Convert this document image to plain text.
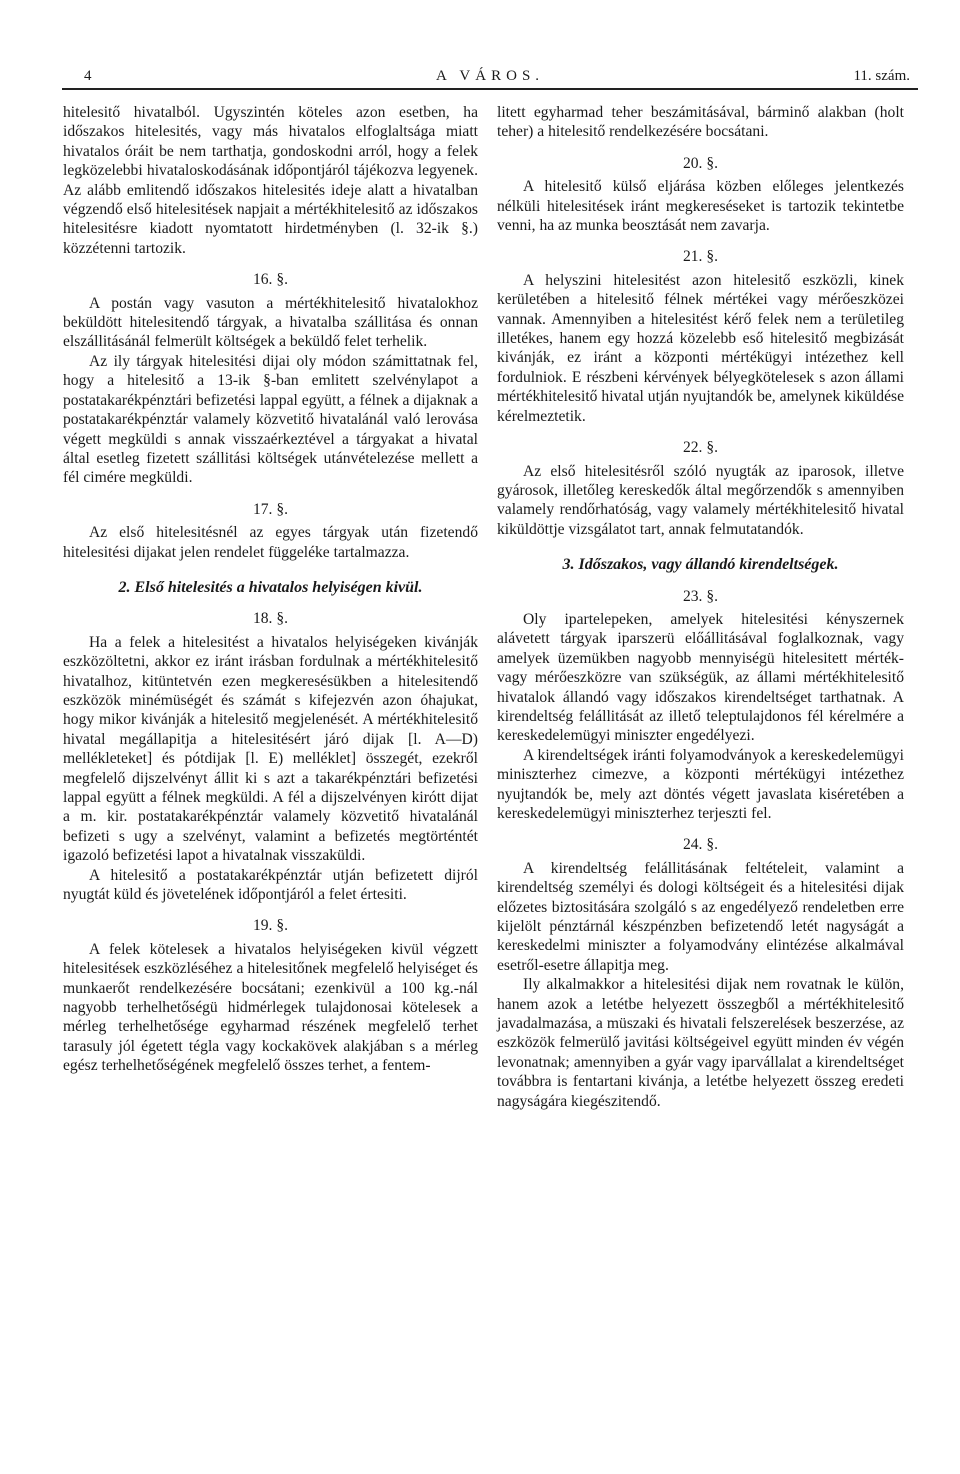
4	A VÁROS.	11. szám.

hitelesitő hivatalból. Ugyszintén köteles azon esetben, ha időszakos hitelesités, vagy más hivatalos elfoglaltsága miatt hivatalos óráit be nem tarthatja, gondoskodni arról, hogy a felek legközelebbi hivataloskodásának időpontjáról tájékozva legyenek. Az alább emlitendő időszakos hitelesités ideje alatt a hivatalban végzendő első hitelesitések napjait a mértékhitelesitő az időszakos hitelesitésre kiadott nyomtatott hirdetményben (l. 32-ik §.) közzétenni tartozik.

16. §.

A postán vagy vasuton a mértékhitelesitő hivatalokhoz beküldött hitelesitendő tárgyak, a hivatalba szállitása és onnan elszállitásánál felmerült költségek a beküldő felet terhelik.

Az ily tárgyak hitelesitési dijai oly módon számittatnak fel, hogy a hitelesitő a 13-ik §-ban emlitett szelvénylapot a postatakarékpénztári befizetési lappal együtt, a félnek a dijaknak a postatakarékpénztár valamely közvetitő hivatalánál való lerovása végett megküldi s annak visszaérkeztével a tárgyakat a hivatal által esetleg fizetett szállitási költségek utánvételezése mellett a fél cimére megküldi.

17. §.

Az első hitelesitésnél az egyes tárgyak után fizetendő hitelesitési dijakat jelen rendelet függeléke tartalmazza.

2. Első hitelesités a hivatalos helyiségen kivül.
18. §.

Ha a felek a hitelesitést a hivatalos helyiségeken kivánják eszközöltetni, akkor ez iránt irásban fordulnak a mértékhitelesitő hivatalhoz, kitüntetvén ezen megkeresésükben a hitelesitendő eszközök minémüségét és számát s kifejezvén azon óhajukat, hogy mikor kivánják a hitelesitő megjelenését. A mértékhitelesitő hivatal megállapitja a hitelesitésért járó dijak [l. A—D) mellékleteket] és pótdijak [l. E) melléklet] összegét, ezekről megfelelő dijszelvényt állit ki s azt a takarékpénztári befizetési lappal együtt a félnek megküldi. A fél a dijszelvényen kirótt dijat a m. kir. postatakarékpénztár valamely közvetitő hivatalánál befizeti s ugy a szelvényt, valamint a befizetés megtörténtét igazoló befizetési lapot a hivatalnak visszaküldi.

A hitelesitő a postatakarékpénztár utján befizetett dijról nyugtát küld és jövetelének időpontjáról a felet értesiti.

19. §.

A felek kötelesek a hivatalos helyiségeken kivül végzett hitelesitések eszközléséhez a hitelesitőnek megfelelő helyiséget és munkaerőt rendelkezésére bocsátani; ezenkivül a 100 kg.-nál nagyobb terhelhetőségü hidmérlegek tulajdonosai kötelesek a mérleg terhelhetősége egyharmad részének megfelelő terhet tarasuly jól égetett tégla vagy kockakövek alakjában s a mérleg egész terhelhetőségének megfelelő összes terhet, a fentem-

litett egyharmad teher beszámitásával, bárminő alakban (holt teher) a hitelesitő rendelkezésére bocsátani.

20. §.

A hitelesitő külső eljárása közben előleges jelentkezés nélküli hitelesitések iránt megkereséseket is tartozik tekintetbe venni, ha az munka beosztását nem zavarja.

21. §.

A helyszini hitelesitést azon hitelesitő eszközli, kinek kerületében a hitelesitő félnek mértékei vagy mérőeszközei vannak. Amennyiben a hitelesitést kérő felek nem a területileg illetékes, hanem egy hozzá közelebb eső hitelesitő megbizását kivánják, ez iránt a központi mértékügyi intézethez kell fordulniok. E részbeni kérvények bélyegkötelesek s azon állami mértékhitelesitő hivatal utján nyujtandók be, amelynek kiküldése kérelmeztetik.

22. §.

Az első hitelesitésről szóló nyugták az iparosok, illetve gyárosok, illetőleg kereskedők által megőrzendők s amennyiben valamely rendőrhatóság, vagy valamely mértékhitelesitő hivatal kiküldöttje vizsgálatot tart, annak felmutatandók.

3. Időszakos, vagy állandó kirendeltségek.
23. §.

Oly ipartelepeken, amelyek hitelesitési kényszernek alávetett tárgyak iparszerü előállitásával foglalkoznak, vagy amelyek üzemükben nagyobb mennyiségü hitelesitett mérték- vagy mérőeszközre van szükségük, az állami mértékhitelesitő hivatalok állandó vagy időszakos kirendeltséget tarthatnak. A kirendeltség felállitását az illető teleptulajdonos fél kérelmére a kereskedelemügyi miniszter engedélyezi.

A kirendeltségek iránti folyamodványok a kereskedelemügyi miniszterhez cimezve, a központi mértékügyi intézethez nyujtandók be, mely azt döntés végett javaslata kiséretében a kereskedelemügyi miniszterhez terjeszti fel.

24. §.

A kirendeltség felállitásának feltételeit, valamint a kirendeltség személyi és dologi költségeit és a hitelesitési dijak előzetes biztositására szolgáló s az engedélyező rendeletben erre kijelölt pénztárnál készpénzben befizetendő letét nagyságát a kereskedelmi miniszter a folyamodvány elintézése alkalmával esetről-esetre állapitja meg.

Ily alkalmakkor a hitelesitési dijak nem rovatnak le külön, hanem azok a letétbe helyezett összegből a mértékhitelesitő javadalmazása, a müszaki és hivatali felszerelések beszerzése, az eszközök felmerülő javitási költségeivel együtt minden év végén levonatnak; amennyiben a gyár vagy iparvállalat a kirendeltséget továbbra is fentartani kivánja, a letétbe helyezett összeg eredeti nagyságára kiegészitendő.
